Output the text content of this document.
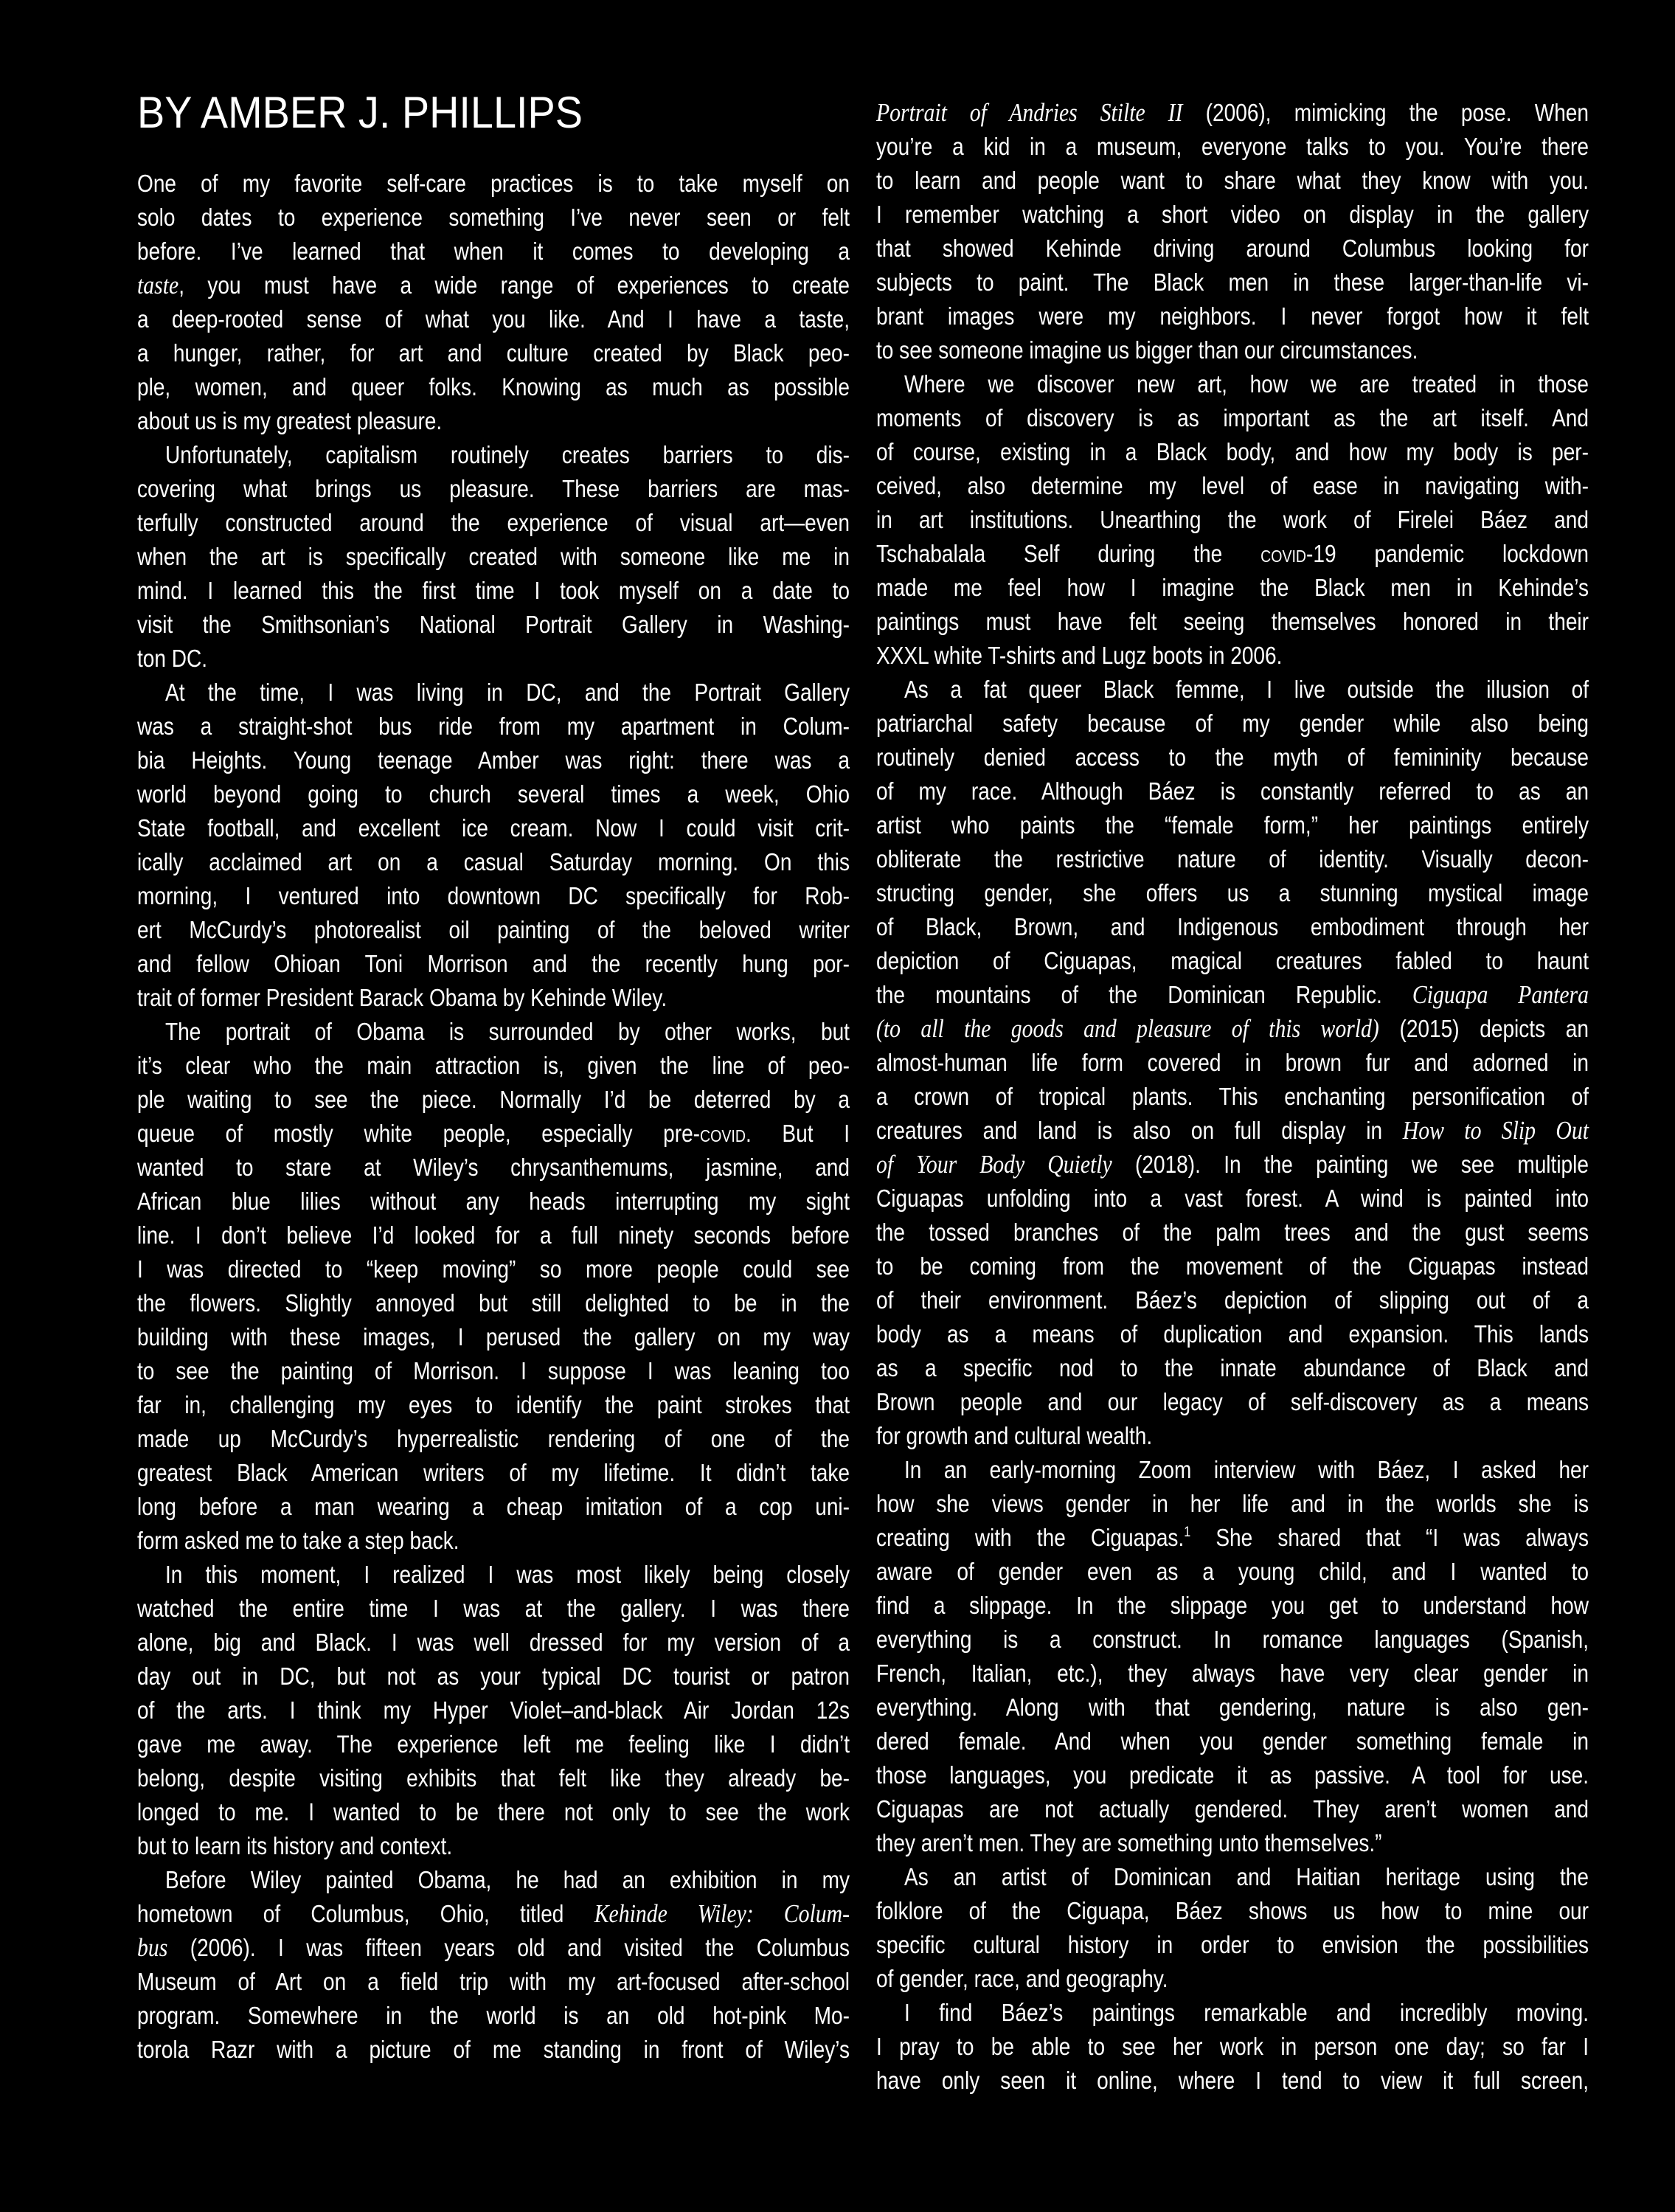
BY AMBER J. PHILLIPS
One of my favorite self-care practices is to take myself on
solo dates to experience something I’ve never seen or felt
before. I’ve learned that when it comes to developing a
taste, you must have a wide range of experiences to create
a deep-rooted sense of what you like. And I have a taste,
a hunger, rather, for art and culture created by Black peo-
ple, women, and queer folks. Knowing as much as possible
about us is my greatest pleasure.
Unfortunately, capitalism routinely creates barriers to dis-
covering what brings us pleasure. These barriers are mas-
terfully constructed around the experience of visual art—even
when the art is specifically created with someone like me in
mind. I learned this the first time I took myself on a date to
visit the Smithsonian’s National Portrait Gallery in Washing-
ton DC.
At the time, I was living in DC, and the Portrait Gallery
was a straight-shot bus ride from my apartment in Colum-
bia Heights. Young teenage Amber was right: there was a
world beyond going to church several times a week, Ohio
State football, and excellent ice cream. Now I could visit crit-
ically acclaimed art on a casual Saturday morning. On this
morning, I ventured into downtown DC specifically for Rob-
ert McCurdy’s photorealist oil painting of the beloved writer
and fellow Ohioan Toni Morrison and the recently hung por-
trait of former President Barack Obama by Kehinde Wiley.
The portrait of Obama is surrounded by other works, but
it’s clear who the main attraction is, given the line of peo-
ple waiting to see the piece. Normally I’d be deterred by a
queue of mostly white people, especially pre-covid. But I
wanted to stare at Wiley’s chrysanthemums, jasmine, and
African blue lilies without any heads interrupting my sight
line. I don’t believe I’d looked for a full ninety seconds before
I was directed to “keep moving” so more people could see
the flowers. Slightly annoyed but still delighted to be in the
building with these images, I perused the gallery on my way
to see the painting of Morrison. I suppose I was leaning too
far in, challenging my eyes to identify the paint strokes that
made up McCurdy’s hyperrealistic rendering of one of the
greatest Black American writers of my lifetime. It didn’t take
long before a man wearing a cheap imitation of a cop uni-
form asked me to take a step back.
In this moment, I realized I was most likely being closely
watched the entire time I was at the gallery. I was there
alone, big and Black. I was well dressed for my version of a
day out in DC, but not as your typical DC tourist or patron
of the arts. I think my Hyper Violet–and-black Air Jordan 12s
gave me away. The experience left me feeling like I didn’t
belong, despite visiting exhibits that felt like they already be-
longed to me. I wanted to be there not only to see the work
but to learn its history and context.
Before Wiley painted Obama, he had an exhibition in my
hometown of Columbus, Ohio, titled Kehinde Wiley: Colum-
bus (2006). I was fifteen years old and visited the Columbus
Museum of Art on a field trip with my art-focused after-school
program. Somewhere in the world is an old hot-pink Mo-
torola Razr with a picture of me standing in front of Wiley’s
Portrait of Andries Stilte II (2006), mimicking the pose. When
you’re a kid in a museum, everyone talks to you. You’re there
to learn and people want to share what they know with you.
I remember watching a short video on display in the gallery
that showed Kehinde driving around Columbus looking for
subjects to paint. The Black men in these larger-than-life vi-
brant images were my neighbors. I never forgot how it felt
to see someone imagine us bigger than our circumstances.
Where we discover new art, how we are treated in those
moments of discovery is as important as the art itself. And
of course, existing in a Black body, and how my body is per-
ceived, also determine my level of ease in navigating with-
in art institutions. Unearthing the work of Firelei Báez and
Tschabalala Self during the covid-19 pandemic lockdown
made me feel how I imagine the Black men in Kehinde’s
paintings must have felt seeing themselves honored in their
XXXL white T-shirts and Lugz boots in 2006.
As a fat queer Black femme, I live outside the illusion of
patriarchal safety because of my gender while also being
routinely denied access to the myth of femininity because
of my race. Although Báez is constantly referred to as an
artist who paints the “female form,” her paintings entirely
obliterate the restrictive nature of identity. Visually decon-
structing gender, she offers us a stunning mystical image
of Black, Brown, and Indigenous embodiment through her
depiction of Ciguapas, magical creatures fabled to haunt
the mountains of the Dominican Republic. Ciguapa Pantera
(to all the goods and pleasure of this world) (2015) depicts an
almost-human life form covered in brown fur and adorned in
a crown of tropical plants. This enchanting personification of
creatures and land is also on full display in How to Slip Out
of Your Body Quietly (2018). In the painting we see multiple
Ciguapas unfolding into a vast forest. A wind is painted into
the tossed branches of the palm trees and the gust seems
to be coming from the movement of the Ciguapas instead
of their environment. Báez’s depiction of slipping out of a
body as a means of duplication and expansion. This lands
as a specific nod to the innate abundance of Black and
Brown people and our legacy of self-discovery as a means
for growth and cultural wealth.
In an early-morning Zoom interview with Báez, I asked her
how she views gender in her life and in the worlds she is
creating with the Ciguapas.$^1$ She shared that “I was always
aware of gender even as a young child, and I wanted to
find a slippage. In the slippage you get to understand how
everything is a construct. In romance languages (Spanish,
French, Italian, etc.), they always have very clear gender in
everything. Along with that gendering, nature is also gen-
dered female. And when you gender something female in
those languages, you predicate it as passive. A tool for use.
Ciguapas are not actually gendered. They aren’t women and
they aren’t men. They are something unto themselves.”
As an artist of Dominican and Haitian heritage using the
folklore of the Ciguapa, Báez shows us how to mine our
specific cultural history in order to envision the possibilities
of gender, race, and geography.
I find Báez’s paintings remarkable and incredibly moving.
I pray to be able to see her work in person one day; so far I
have only seen it online, where I tend to view it full screen,
